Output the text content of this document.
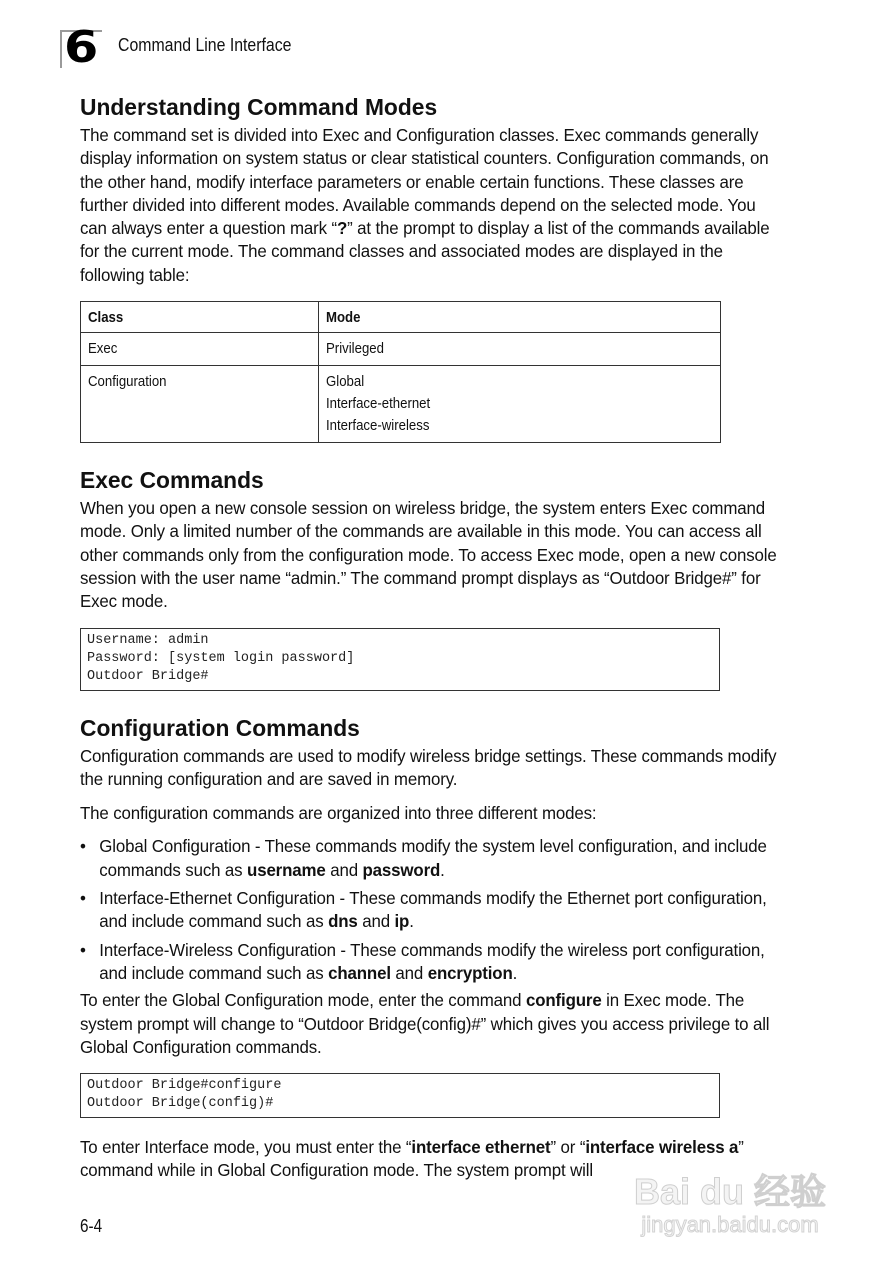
6 Command Line Interface
Understanding Command Modes

The command set is divided into Exec and Configuration classes. Exec commands generally display information on system status or clear statistical counters. Configuration commands, on the other hand, modify interface parameters or enable certain functions. These classes are further divided into different modes. Available commands depend on the selected mode. You can always enter a question mark “?” at the prompt to display a list of the commands available for the current mode. The command classes and associated modes are displayed in the following table:

Class	Mode

Exec	Privileged

Configuration	Global
Interface-ethernet
Interface-wireless
Exec Commands

When you open a new console session on wireless bridge, the system enters Exec command mode. Only a limited number of the commands are available in this mode. You can access all other commands only from the configuration mode. To access Exec mode, open a new console session with the user name “admin.” The command prompt displays as “Outdoor Bridge#” for Exec mode.

Username: admin
Password: [system login password]
Outdoor Bridge#
Configuration Commands

Configuration commands are used to modify wireless bridge settings. These commands modify the running configuration and are saved in memory.

The configuration commands are organized into three different modes:

• Global Configuration - These commands modify the system level configuration, and include commands such as username and password.
• Interface-Ethernet Configuration - These commands modify the Ethernet port configuration, and include command such as dns and ip.
• Interface-Wireless Configuration - These commands modify the wireless port configuration, and include command such as channel and encryption.

To enter the Global Configuration mode, enter the command configure in Exec mode. The system prompt will change to “Outdoor Bridge(config)#” which gives you access privilege to all Global Configuration commands.

Outdoor Bridge#configure
Outdoor Bridge(config)#

To enter Interface mode, you must enter the “interface ethernet” or “interface wireless a” command while in Global Configuration mode. The system prompt will

6-4
Bai du 经验
jingyan.baidu.com
